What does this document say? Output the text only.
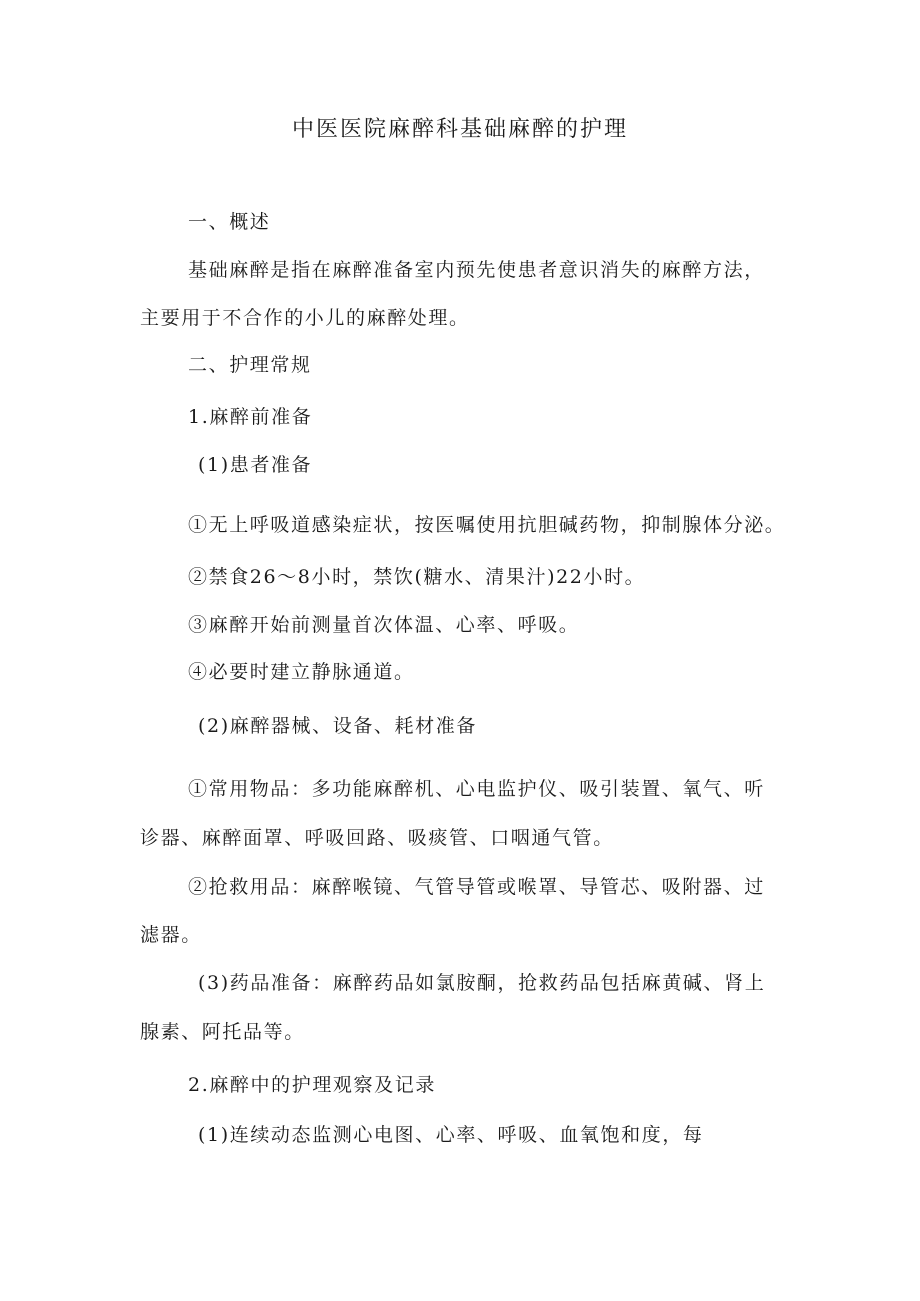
中医医院麻醉科基础麻醉的护理
一、概述
基础麻醉是指在麻醉准备室内预先使患者意识消失的麻醉方法，
主要用于不合作的小儿的麻醉处理。
二、护理常规
1.麻醉前准备
(1)患者准备
①无上呼吸道感染症状，按医嘱使用抗胆碱药物，抑制腺体分泌。
②禁食26～8小时，禁饮(糖水、清果汁)22小时。
③麻醉开始前测量首次体温、心率、呼吸。
④必要时建立静脉通道。
(2)麻醉器械、设备、耗材准备
①常用物品：多功能麻醉机、心电监护仪、吸引装置、氧气、听
诊器、麻醉面罩、呼吸回路、吸痰管、口咽通气管。
②抢救用品：麻醉喉镜、气管导管或喉罩、导管芯、吸附器、过
滤器。
(3)药品准备：麻醉药品如氯胺酮，抢救药品包括麻黄碱、肾上
腺素、阿托品等。
2.麻醉中的护理观察及记录
(1)连续动态监测心电图、心率、呼吸、血氧饱和度，每
